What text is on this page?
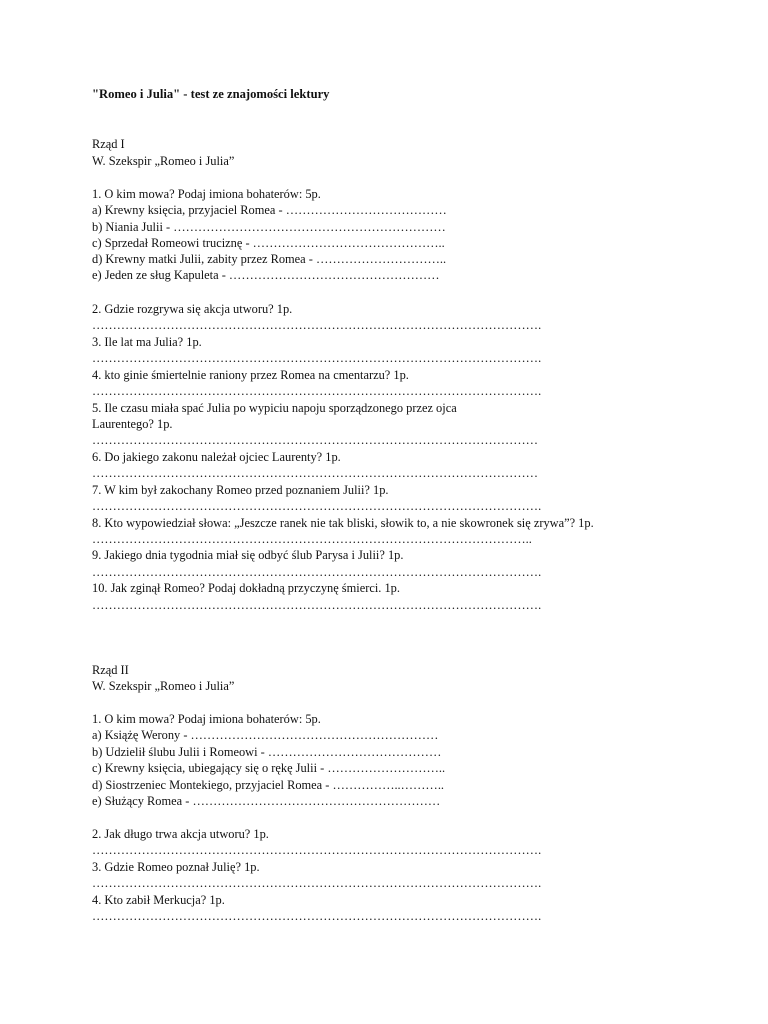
"Romeo i Julia" - test ze znajomości lektury
Rząd I
W. Szekspir „Romeo i Julia”
1. O kim mowa? Podaj imiona bohaterów: 5p.
a) Krewny księcia, przyjaciel Romea - …………………………………
b) Niania Julii - …………………………………………………………
c) Sprzedał Romeowi truciznę - ………………………………………..
d) Krewny matki Julii, zabity przez Romea - …………………………..
e) Jeden ze sług Kapuleta - ……………………………………………
2. Gdzie rozgrywa się akcja utworu? 1p.
……………………………………………………………………………………………….
3. Ile lat ma Julia? 1p.
……………………………………………………………………………………………….
4. kto ginie śmiertelnie raniony przez Romea na cmentarzu? 1p.
……………………………………………………………………………………………….
5. Ile czasu miała spać Julia po wypiciu napoju sporządzonego przez ojca
Laurentego? 1p.
………………………………………………………………………………………………
6. Do jakiego zakonu należał ojciec Laurenty? 1p.
………………………………………………………………………………………………
7. W kim był zakochany Romeo przed poznaniem Julii? 1p.
……………………………………………………………………………………………….
8. Kto wypowiedział słowa: „Jeszcze ranek nie tak bliski, słowik to, a nie skowronek się zrywa”? 1p.
……………………………………………………………………………………………..
9. Jakiego dnia tygodnia miał się odbyć ślub Parysa i Julii? 1p.
……………………………………………………………………………………………….
10. Jak zginął Romeo? Podaj dokładną przyczynę śmierci. 1p.
……………………………………………………………………………………………….
Rząd II
W. Szekspir „Romeo i Julia”
1. O kim mowa? Podaj imiona bohaterów: 5p.
a) Książę Werony - ……………………………………………………
b) Udzielił ślubu Julii i Romeowi - ……………………………………
c) Krewny księcia, ubiegający się o rękę Julii - ………………………..
d) Siostrzeniec Montekiego, przyjaciel Romea - ……………..………..
e) Służący Romea - ……………………………………………………
2. Jak długo trwa akcja utworu? 1p.
……………………………………………………………………………………………….
3. Gdzie Romeo poznał Julię? 1p.
……………………………………………………………………………………………….
4. Kto zabił Merkucja? 1p.
……………………………………………………………………………………………….
